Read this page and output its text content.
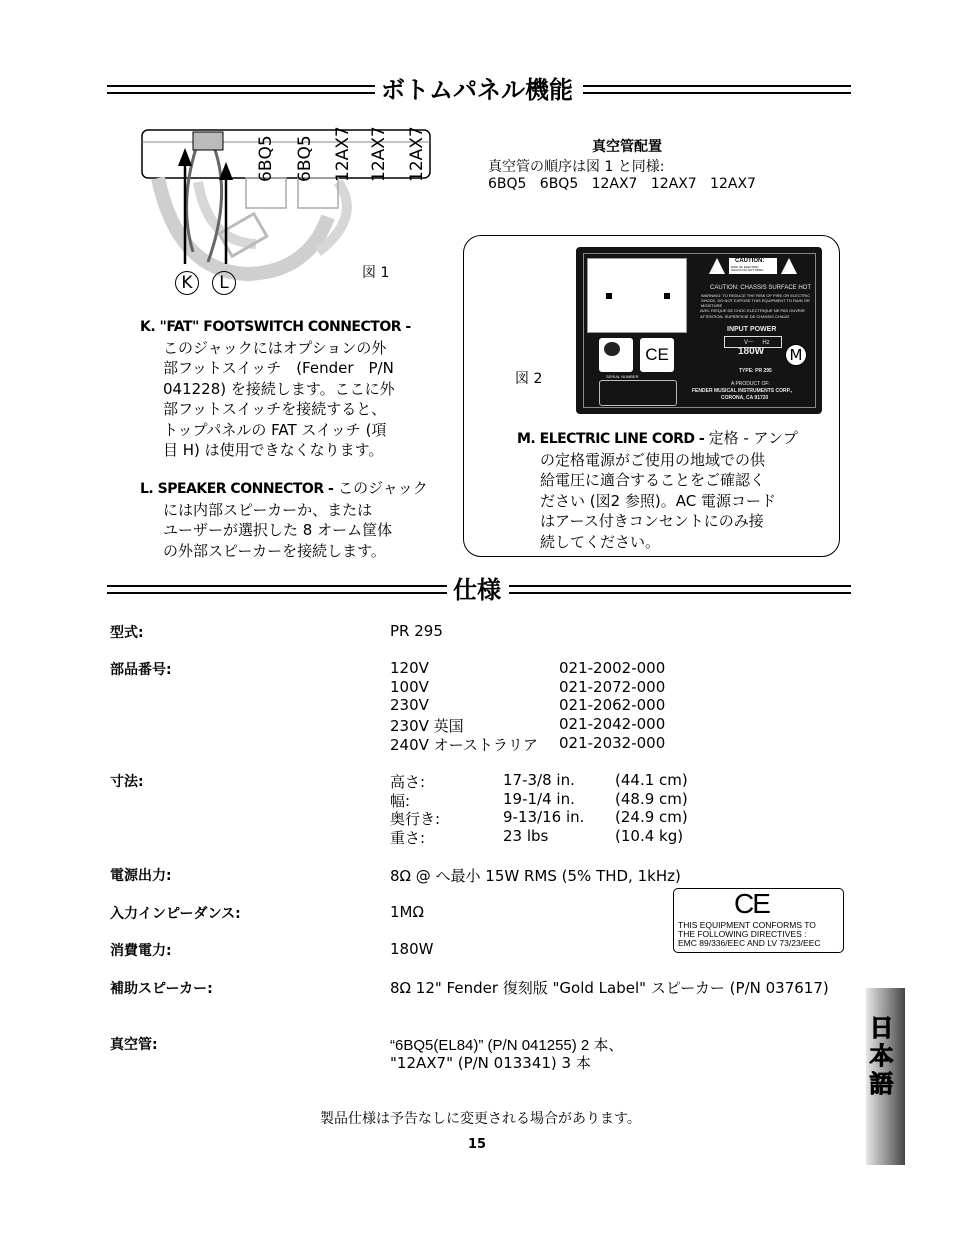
ボトムパネル機能
6BQ5 6BQ5 12AX7 12AX7 12AX7
K	L	図 1
真空管配置
真空管の順序は図 1 と同様:
6BQ5   6BQ5   12AX7   12AX7   12AX7
K. "FAT" FOOTSWITCH CONNECTOR -
このジャックにはオプションの外
部フットスイッチ　(Fender　P/N
041228) を接続します。ここに外
部フットスイッチを接続すると、
トップパネルの FAT スイッチ (項
目 H) は使用できなくなります。
L. SPEAKER CONNECTOR - このジャック
には内部スピーカーか、または
ユーザーが選択した 8 オーム筐体
の外部スピーカーを接続します。
図 2
CAUTION:
RISK OF ELECTRIC SHOCK DO NOT OPEN
CAUTION: CHASSIS SURFACE HOT
WARNING: TO REDUCE THE RISK OF FIRE OR ELECTRIC SHOCK, DO NOT EXPOSE THIS EQUIPMENT TO RAIN OR MOISTURE
AVIS: RISQUE DE CHOC ELECTRIQUE NE PAS OUVRIR
ATTENTION: SUPERFICIE DE CHASSIS CHAUD
INPUT POWER
V～     Hz
180W	M
TYPE: PR 295
CE
SERIAL NUMBER
A PRODUCT OF:
FENDER MUSICAL INSTRUMENTS CORP.,
CORONA, CA 91720
M. ELECTRIC LINE CORD - 定格 - アンプ
の定格電源がご使用の地域での供
給電圧に適合することをご確認く
ださい (図2 参照)。AC 電源コード
はアース付きコンセントにのみ接
続してください。
仕様
型式:	PR 295
部品番号:	120V	021-2002-000
100V	021-2072-000
230V	021-2062-000
230V 英国	021-2042-000
240V オーストラリア 021-2032-000
寸法:	高さ:	17-3/8 in.	(44.1 cm)
幅:	19-1/4 in.	(48.9 cm)
奥行き:	9-13/16 in. (24.9 cm)
重さ:	23 lbs	(10.4 kg)
電源出力:	8Ω @ へ最小 15W RMS (5% THD, 1kHz)
入力インピーダンス:	1MΩ
消費電力:	180W
CE
THIS EQUIPMENT CONFORMS TO
THE FOLLOWING DIRECTIVES :
EMC 89/336/EEC AND LV 73/23/EEC
補助スピーカー:	8Ω 12" Fender 復刻版 "Gold Label" スピーカー (P/N 037617)
真空管:	“6BQ5(EL84)” (P/N 041255) 2 本、
"12AX7" (P/N 013341) 3 本
製品仕様は予告なしに変更される場合があります。
15
日本語
